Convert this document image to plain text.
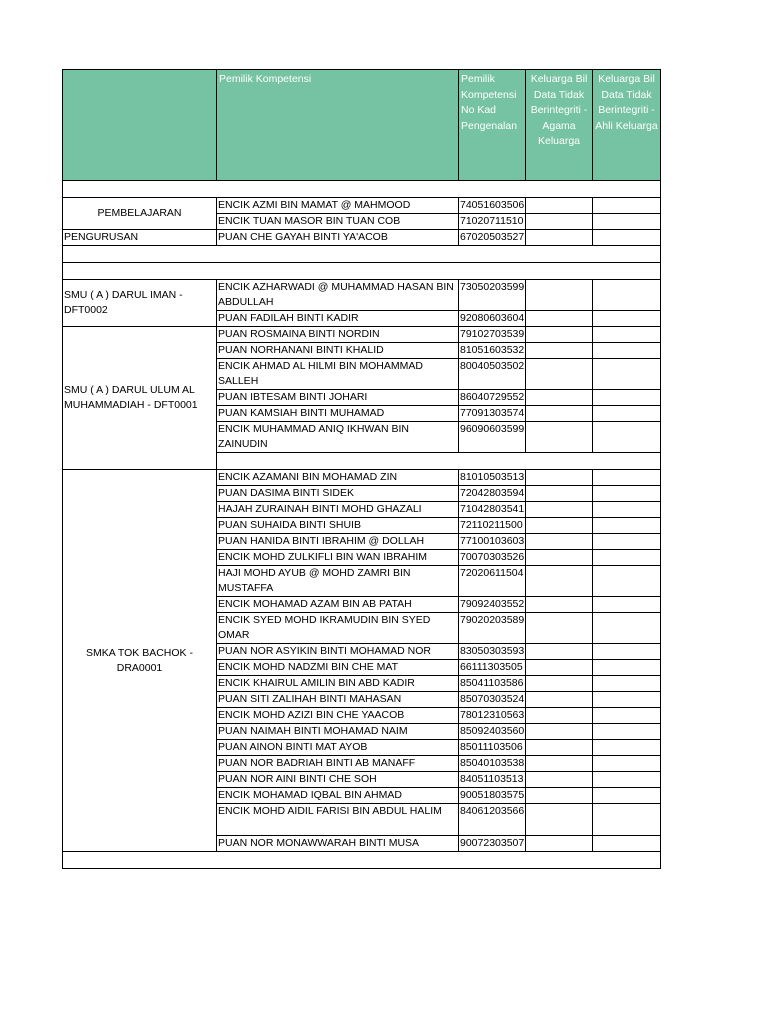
	Pemilik Kompetensi	Pemilik Kompetensi No Kad Pengenalan	Keluarga Bil Data Tidak Berintegriti - Agama Keluarga	Keluarga Bil Data Tidak Berintegriti - Ahli Keluarga

PEMBELAJARAN	ENCIK AZMI BIN MAMAT @ MAHMOOD	74051603506		
	ENCIK TUAN MASOR BIN TUAN COB	71020711510		
PENGURUSAN	PUAN CHE GAYAH BINTI YA'ACOB	67020503527		

SMU ( A ) DARUL IMAN - DFT0002	ENCIK AZHARWADI @ MUHAMMAD HASAN BIN ABDULLAH	73050203599		
	PUAN FADILAH BINTI KADIR	92080603604		
SMU ( A ) DARUL ULUM AL MUHAMMADIAH - DFT0001	PUAN ROSMAINA BINTI NORDIN	79102703539		
	PUAN NORHANANI BINTI KHALID	81051603532		
	ENCIK AHMAD AL HILMI BIN MOHAMMAD SALLEH	80040503502		
	PUAN IBTESAM BINTI JOHARI	86040729552		
	PUAN KAMSIAH BINTI MUHAMAD	77091303574		
	ENCIK MUHAMMAD ANIQ IKHWAN BIN ZAINUDIN	96090603599		

SMKA TOK BACHOK - DRA0001	ENCIK AZAMANI BIN MOHAMAD ZIN	81010503513		
	PUAN DASIMA BINTI SIDEK	72042803594		
	HAJAH ZURAINAH BINTI MOHD GHAZALI	71042803541		
	PUAN SUHAIDA BINTI SHUIB	72110211500		
	PUAN HANIDA BINTI IBRAHIM @ DOLLAH	77100103603		
	ENCIK MOHD ZULKIFLI BIN WAN IBRAHIM	70070303526		
	HAJI MOHD AYUB @ MOHD ZAMRI BIN MUSTAFFA	72020611504		
	ENCIK MOHAMAD AZAM BIN AB PATAH	79092403552		
	ENCIK SYED MOHD IKRAMUDIN BIN SYED OMAR	79020203589		
	PUAN NOR ASYIKIN BINTI MOHAMAD NOR	83050303593		
	ENCIK MOHD NADZMI BIN CHE MAT	66111303505		
	ENCIK KHAIRUL AMILIN BIN ABD KADIR	85041103586		
	PUAN SITI ZALIHAH BINTI MAHASAN	85070303524		
	ENCIK MOHD AZIZI BIN CHE YAACOB	78012310563		
	PUAN NAIMAH BINTI MOHAMAD NAIM	85092403560		
	PUAN AINON BINTI MAT AYOB	85011103506		
	PUAN NOR BADRIAH BINTI AB MANAFF	85040103538		
	PUAN NOR AINI BINTI CHE SOH	84051103513		
	ENCIK MOHAMAD IQBAL BIN AHMAD	90051803575		
	ENCIK MOHD AIDIL FARISI BIN ABDUL HALIM	84061203566		
	PUAN NOR MONAWWARAH BINTI MUSA	90072303507		
